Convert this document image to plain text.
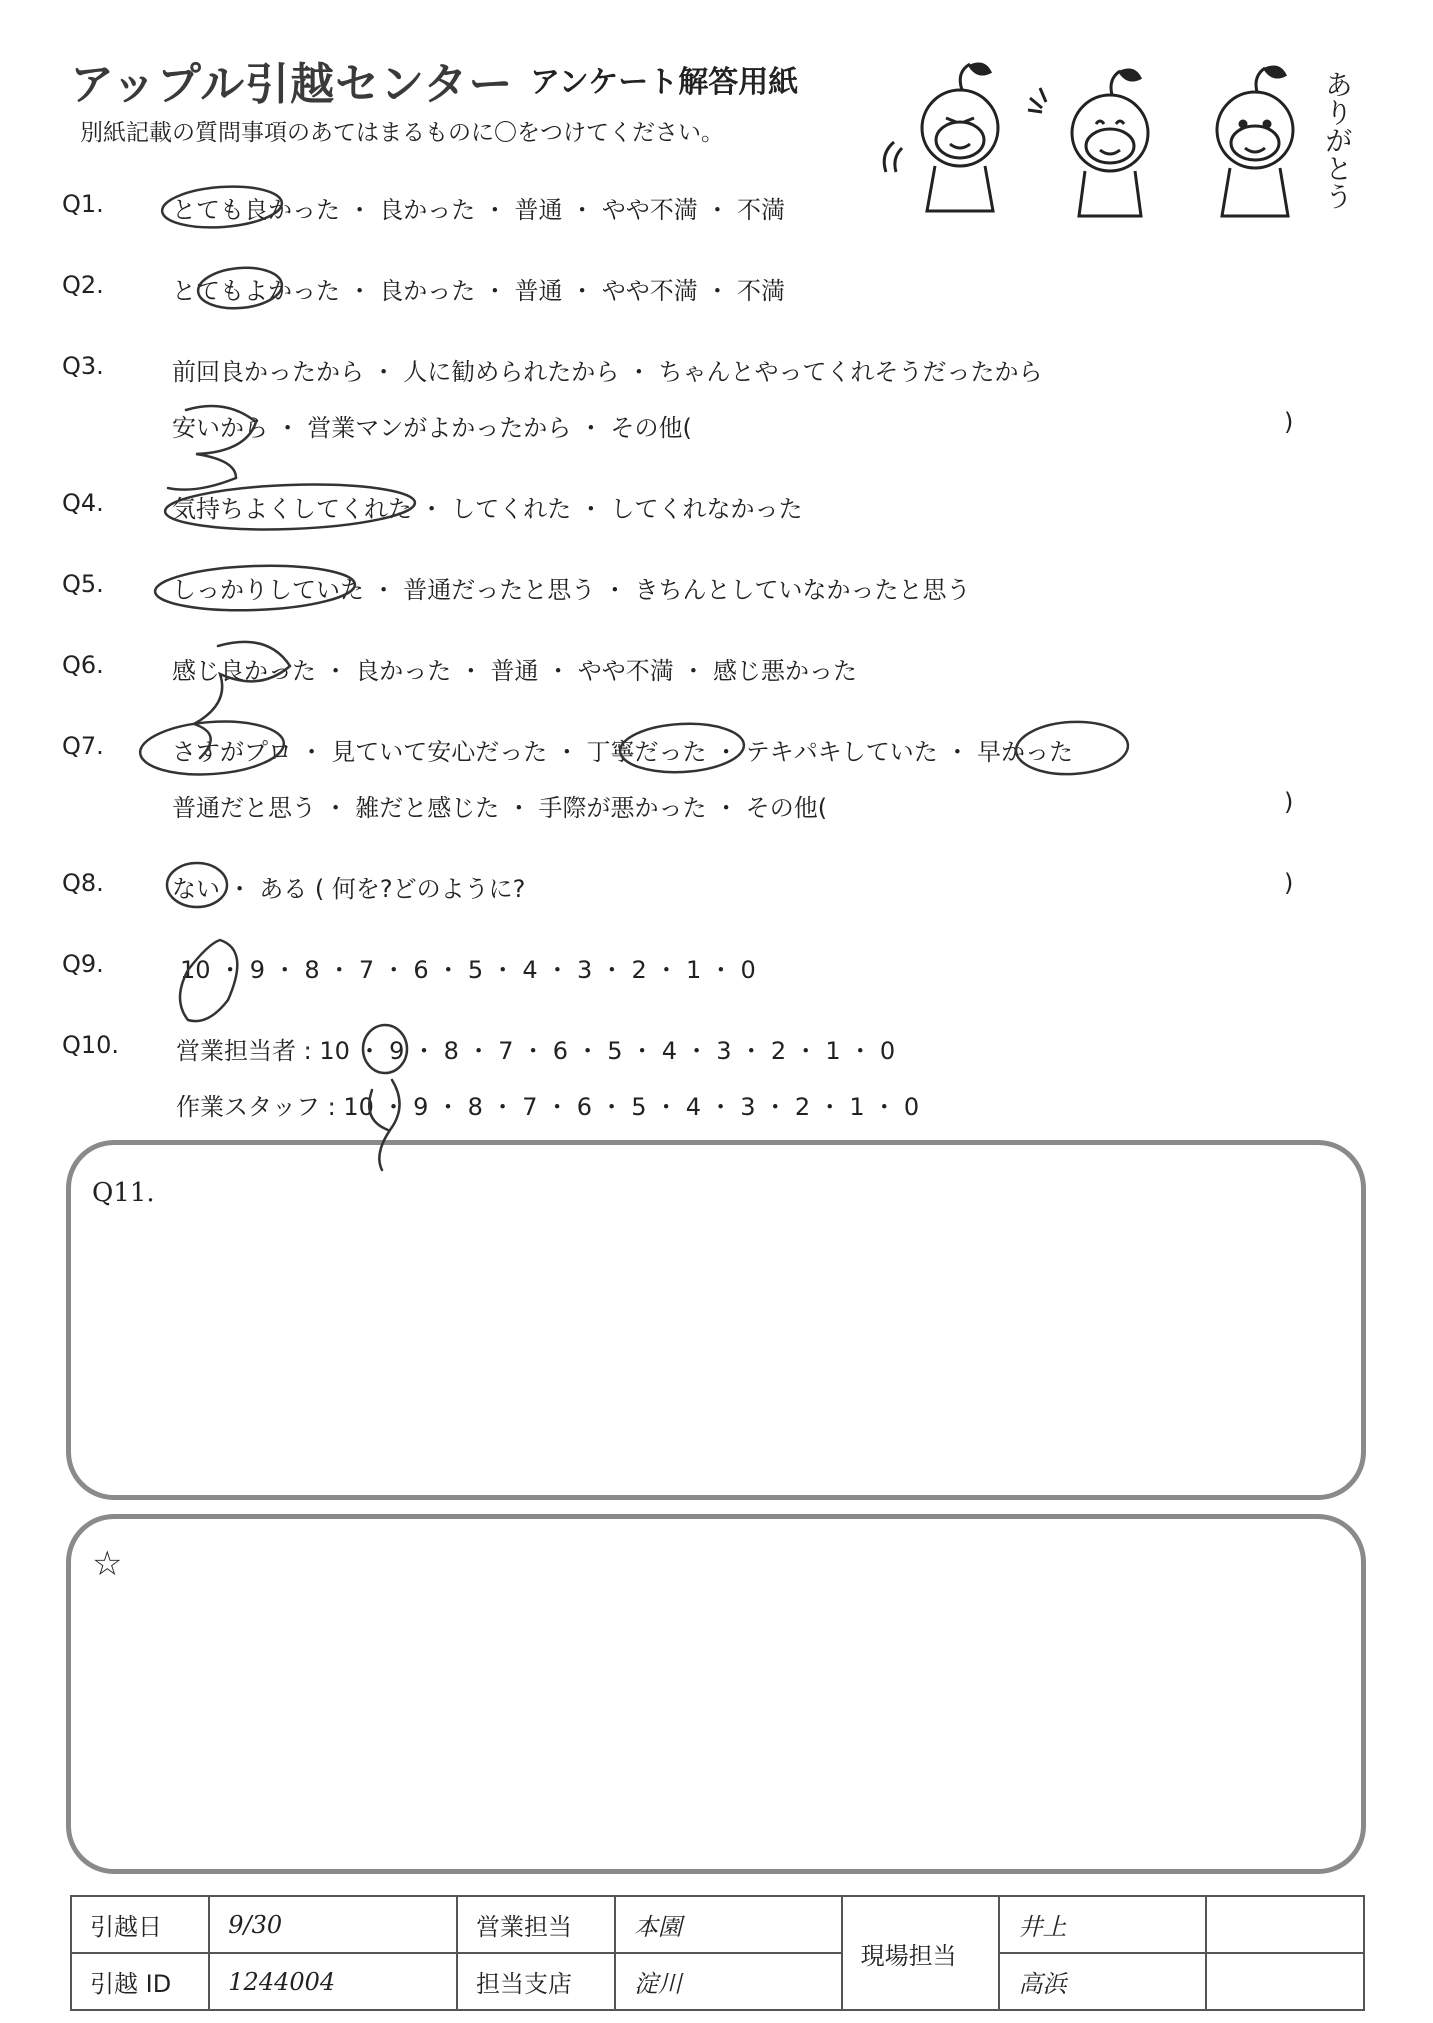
アップル引越センター アンケート解答用紙
別紙記載の質問事項のあてはまるものに〇をつけてください。	ありがとう
Q1.	とても良かった ・ 良かった ・ 普通 ・ やや不満 ・ 不満
Q2.	とてもよかった ・ 良かった ・ 普通 ・ やや不満 ・ 不満
Q3.	前回良かったから ・ 人に勧められたから ・ ちゃんとやってくれそうだったから
安いから ・ 営業マンがよかったから ・ その他(	)
Q4.	気持ちよくしてくれた ・ してくれた ・ してくれなかった
Q5.	しっかりしていた ・ 普通だったと思う ・ きちんとしていなかったと思う
Q6.	感じ良かった ・ 良かった ・ 普通 ・ やや不満 ・ 感じ悪かった
Q7.	さすがプロ ・ 見ていて安心だった ・ 丁寧だった ・ テキパキしていた ・ 早かった
普通だと思う ・ 雑だと感じた ・ 手際が悪かった ・ その他(	)
Q8.	ない ・ ある ( 何を?どのように?	)
Q9.	10 ・ 9 ・ 8 ・ 7 ・ 6 ・ 5 ・ 4 ・ 3 ・ 2 ・ 1 ・ 0
Q10. 営業担当者 : 10 ・ 9 ・ 8 ・ 7 ・ 6 ・ 5 ・ 4 ・ 3 ・ 2 ・ 1 ・ 0
作業スタッフ : 10 ・ 9 ・ 8 ・ 7 ・ 6 ・ 5 ・ 4 ・ 3 ・ 2 ・ 1 ・ 0
Q11.
☆
引越日	9/30	営業担当	本園	現場担当	井上	
引越 ID	1244004	担当支店	淀川		高浜	
